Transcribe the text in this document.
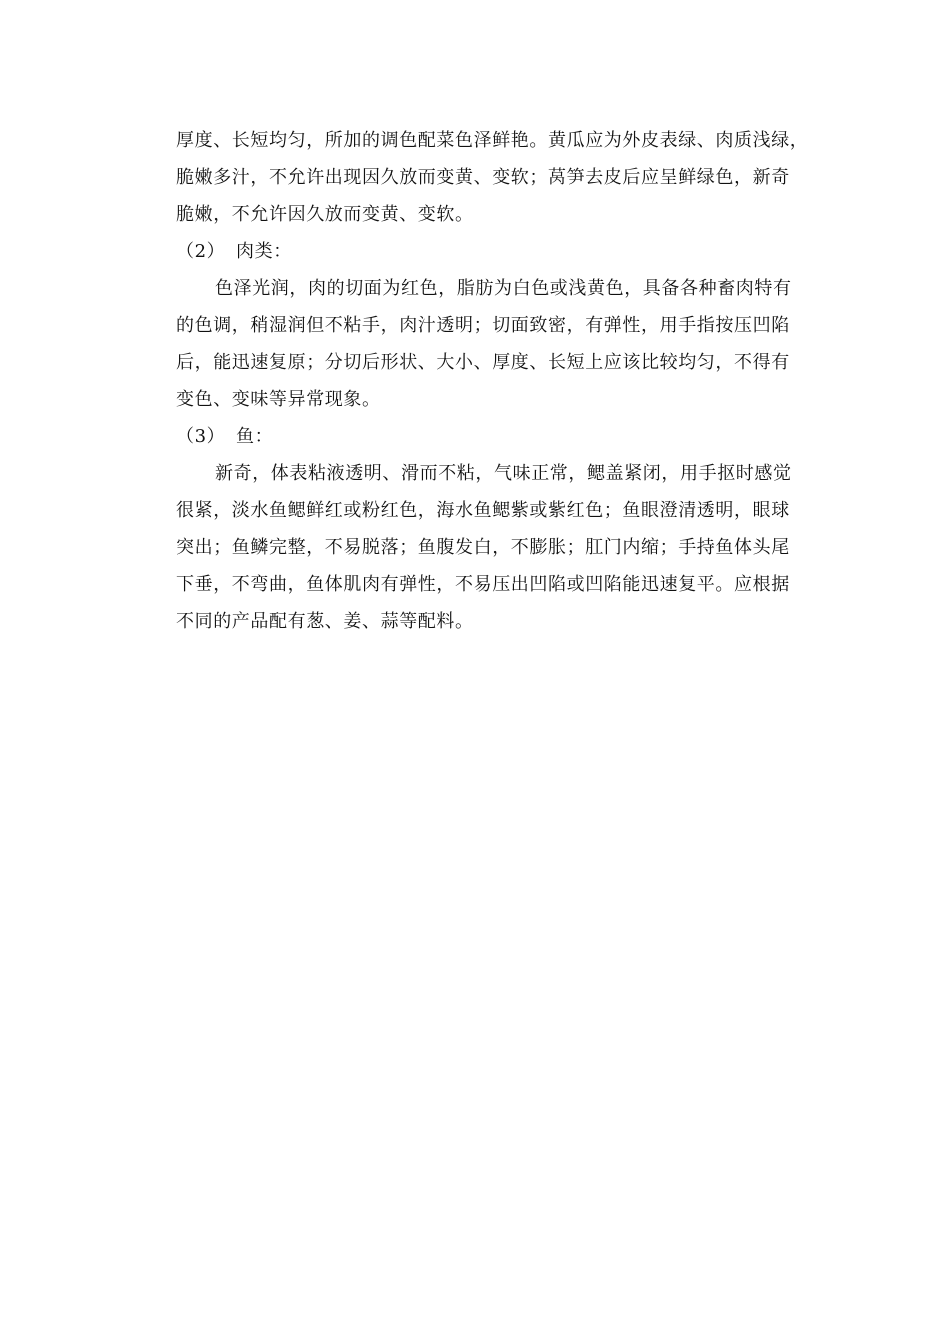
厚度、长短均匀，所加的调色配菜色泽鲜艳。黄瓜应为外皮表绿、肉质浅绿，
脆嫩多汁，不允许出现因久放而变黄、变软；莴笋去皮后应呈鲜绿色，新奇
脆嫩，不允许因久放而变黄、变软。
（2） 肉类：
色泽光润，肉的切面为红色，脂肪为白色或浅黄色，具备各种畜肉特有
的色调，稍湿润但不粘手，肉汁透明；切面致密，有弹性，用手指按压凹陷
后，能迅速复原；分切后形状、大小、厚度、长短上应该比较均匀，不得有
变色、变味等异常现象。
（3） 鱼：
新奇，体表粘液透明、滑而不粘，气味正常，鳃盖紧闭，用手抠时感觉
很紧，淡水鱼鳃鲜红或粉红色，海水鱼鳃紫或紫红色；鱼眼澄清透明，眼球
突出；鱼鳞完整，不易脱落；鱼腹发白，不膨胀；肛门内缩；手持鱼体头尾
下垂，不弯曲，鱼体肌肉有弹性，不易压出凹陷或凹陷能迅速复平。应根据
不同的产品配有葱、姜、蒜等配料。
